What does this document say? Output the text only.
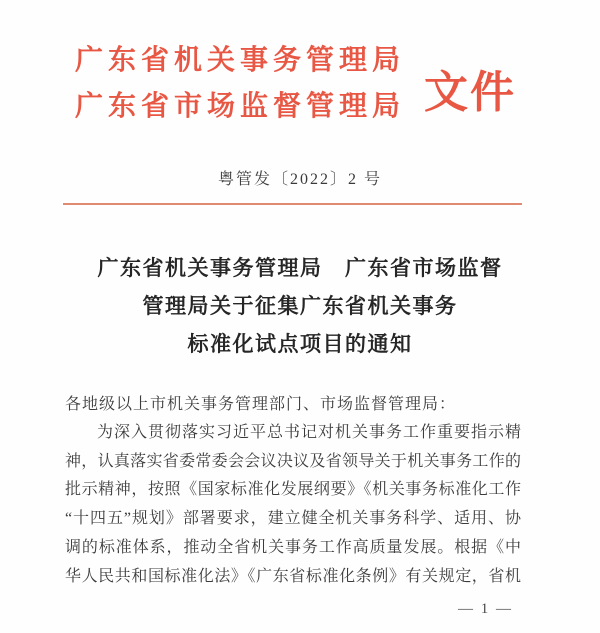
广东省机关事务管理局
广东省市场监督管理局 文件
粤管发〔2022〕2 号
广东省机关事务管理局　广东省市场监督
管理局关于征集广东省机关事务
标准化试点项目的通知
各地级以上市机关事务管理部门、市场监督管理局：
为深入贯彻落实习近平总书记对机关事务工作重要指示精
神，认真落实省委常委会会议决议及省领导关于机关事务工作的
批示精神，按照《国家标准化发展纲要》《机关事务标准化工作
“十四五”规划》部署要求，建立健全机关事务科学、适用、协
调的标准体系，推动全省机关事务工作高质量发展。根据《中
华人民共和国标准化法》《广东省标准化条例》有关规定，省机
— 1 —
